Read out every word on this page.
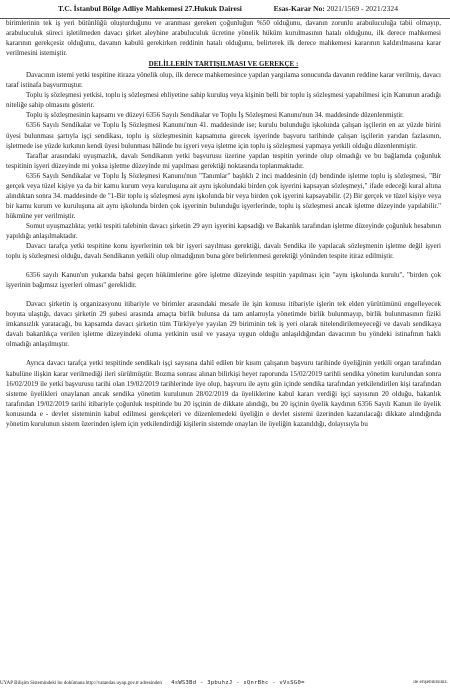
T.C. İstanbul Bölge Adliye Mahkemesi 27.Hukuk Dairesi	Esas-Karar No: 2021/1569 - 2021/2324

birimlerinin tek iş yeri bütünlüğü oluşturduğunu ve aranması gereken çoğunluğun %50 olduğunu, davanın zorunlu arabuluculuğa tabii olmayıp, arabuluculuk süreci işletilmeden davacı şirket aleyhine arabuluculuk ücretine yönelik hüküm kurulmasının hatalı olduğunu, ilk derece mahkemesi kararının gerekçesiz olduğunu, davanın kabulü gerekirken reddinin hatalı olduğunu, belirterek ilk derece mahkemesi kararının kaldırılmasına karar verilmesini istemiştir.

DELİLLERİN TARTIŞILMASI VE GEREKÇE :

Davacının istemi yetki tespitine itiraza yönelik olup, ilk derece mahkemesince yapılan yargılama sonucunda davanın reddine karar verilmiş, davacı taraf istinafa başvurmuştur.

Toplu iş sözleşmesi yetkisi, toplu iş sözleşmesi ehliyetine sahip kuruluş veya kişinin belli bir toplu iş sözleşmesi yapabilmesi için Kanunun aradığı niteliğe sahip olmasını gösterir.

Toplu iş sözleşmesinin kapsamı ve düzeyi 6356 Sayılı Sendikalar ve Toplu İş Sözleşmesi Kanunu'nun 34. maddesinde düzenlenmiştir.

6356 Sayılı Sendikalar ve Toplu İş Sözleşmesi Kanunu'nun 41. maddesinde ise; kurulu bulunduğu işkolunda çalışan işçilerin en az yüzde birini üyesi bulunması şartıyla işçi sendikası, toplu iş sözleşmesinin kapsamına girecek işyerinde başvuru tarihinde çalışan işçilerin yarıdan fazlasının, işletmede ise yüzde kırkının kendi üyesi bulunması hâlinde bu işyeri veya işletme için toplu iş sözleşmesi yapmaya yetkili olduğu düzenlenmiştir.

Taraflar arasındaki uyuşmazlık, davalı Sendikanın yetki başvurusu üzerine yapılan tespitin yerinde olup olmadığı ve bu bağlamda çoğunluk tespitinin işyeri düzeyinde mi yoksa işletme düzeyinde mi yapılması gerektiği noktasında toplanmaktadır.

6356 Sayılı Sendikalar ve Toplu İş Sözleşmesi Kanunu'nun "Tanımlar" başlıklı 2 inci maddesinin (d) bendinde işletme toplu iş sözleşmesi, "Bir gerçek veya tüzel kişiye ya da bir kamu kurum veya kuruluşuna ait aynı işkolundaki birden çok işyerini kapsayan sözleşmeyi," ifade edeceği kural altına alındıktan sonra 34. maddesinde de "1-Bir toplu iş sözleşmesi aynı işkolunda bir veya birden çok işyerini kapsayabilir. (2) Bir gerçek ve tüzel kişiye veya bir kamu kurum ve kuruluşuna ait aynı işkolunda birden çok işyerinin bulunduğu işyerlerinde, toplu iş sözleşmesi ancak işletme düzeyinde yapılabilir." hükmüne yer verilmiştir.

Somut uyuşmazlıkta; yetki tespiti talebinin davacı şirketin 29 ayrı işyerini kapsadığı ve Bakanlık tarafından işletme düzeyinde çoğunluk hesabının yapıldığı anlaşılmaktadır.

Davacı tarafça yetki tespitine konu işyerlerinin tek bir işyeri sayılması gerektiği, davalı Sendika ile yapılacak sözleşmenin işletme değil işyeri toplu iş sözleşmesi olduğu, davalı Sendikanın yetkili olup olmadığının buna göre belirlenmesi gerektiği yönünden tespite itiraz edilmiştir.

6356 sayılı Kanun'un yukarıda bahsi geçen hükümlerine göre işletme düzeyinde tespitin yapılması için "aynı işkolunda kurulu", "birden çok işyerinin bağımsız işyerleri olması" gereklidir.

Davacı şirketin iş organizasyonu itibariyle ve birimler arasındaki mesafe ile işin konusu itibariyle işlerin tek elden yürütümünü engelleyecek boyuta ulaştığı, davacı şirketin 29 şubesi arasında amaçta birlik bulunsa da tam anlamıyla yönetimde birlik bulunmayıp, birlik bulunmasının fiziki imkansızlık yaratacağı, bu kapsamda davacı şirketin tüm Türkiye'ye yayılan 29 biriminin tek iş yeri olarak nitelendirilemeyeceği ve davalı sendikaya davalı bakanlıkça verilen işletme düzeyindeki oluma yetkinin usul ve yasaya uygun olduğu anlaşıldığından davacının bu yöndeki istinafının haklı olmadığı anlaşılmıştır.

Ayrıca davacı tarafça yetki tespitinde sendikalı işçi sayısına dahil edilen bir kısım çalışanın başvuru tarihinde üyeliğinin yetkili organ tarafından kabulüne ilişkin karar verilmediği ileri sürülmüştür. Bozma sonrası alınan bilirkişi heyet raporunda 15/02/2019 tarihli sendika yönetim kurulundan sonra 16/02/2019 ile yetki başvurusu tarihi olan 19/02/2019 tarihlerinde üye olup, başvuru ile aynı gün içinde sendika tarafından yetkilendirilen kişi tarafından sisteme üyelikleri onaylanan ancak sendika yönetim kurulunun 28/02/2019 da üyeliklerine kabul kararı verdiği işçi sayısının 20 olduğu, bakanlık tarafından 19/02/2019 tarihi itibariyle çoğunluk tespitinde bu 20 işçinin de dikkate alındığı, bu 20 işçinin üyelik kaydının 6356 Sayılı Kanun ile üyelik konusunda e - devlet sisteminin kabul edilmesi gerekçeleri ve düzenlemedeki üyeliğin e devlet sistemi üzerinden kazanılacağı dikkate alındığında yönetim kurulunun sistem üzerinden işlem için yetkilendirdiği kişilerin sistemde onayları ile üyeliğin kazanıldığı, dolayısıyla bu

UYAP Bilişim Sistemindeki bu dokümana http://vatandas.uyap.gov.tr adresinden 4sWS3Bd - 3pbuhzJ - sQnrBhc - vVsSG0=	ile erişebilirsiniz.
